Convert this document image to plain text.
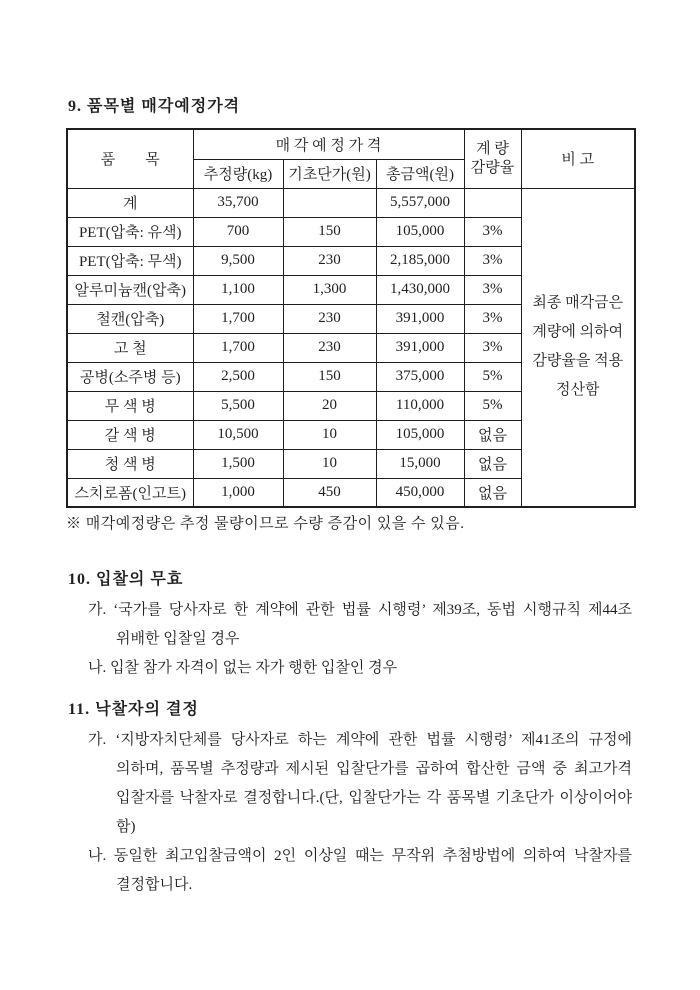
9. 품목별 매각예정가격
품　　목	매 각 예 정 가 격			계 량
감량율	비 고
	추정량(kg)	기초단가(원)	총금액(원)		
계	35,700		5,557,000		최종 매각금은
계량에 의하여
감량율을 적용
정산함

PET(압축: 유색)	700	150	105,000	3%	
PET(압축: 무색)	9,500	230	2,185,000	3%	
알루미늄캔(압축)	1,100	1,300	1,430,000	3%	
철캔(압축)	1,700	230	391,000	3%	
고 철	1,700	230	391,000	3%	
공병(소주병 등)	2,500	150	375,000	5%	
무 색 병	5,500	20	110,000	5%	
갈 색 병	10,500	10	105,000	없음	
청 색 병	1,500	10	15,000	없음	
스치로폼(인고트)	1,000	450	450,000	없음	
※ 매각예정량은 추정 물량이므로 수량 증감이 있을 수 있음.
10. 입찰의 무효
가. ‘국가를 당사자로 한 계약에 관한 법률 시행령’ 제39조, 동법 시행규칙 제44조 위배한 입찰일 경우
나. 입찰 참가 자격이 없는 자가 행한 입찰인 경우
11. 낙찰자의 결정
가. ‘지방자치단체를 당사자로 하는 계약에 관한 법률 시행령’ 제41조의 규정에 의하며, 품목별 추정량과 제시된 입찰단가를 곱하여 합산한 금액 중 최고가격 입찰자를 낙찰자로 결정합니다.(단, 입찰단가는 각 품목별 기초단가 이상이어야 함)
나. 동일한 최고입찰금액이 2인 이상일 때는 무작위 추첨방법에 의하여 낙찰자를 결정합니다.
